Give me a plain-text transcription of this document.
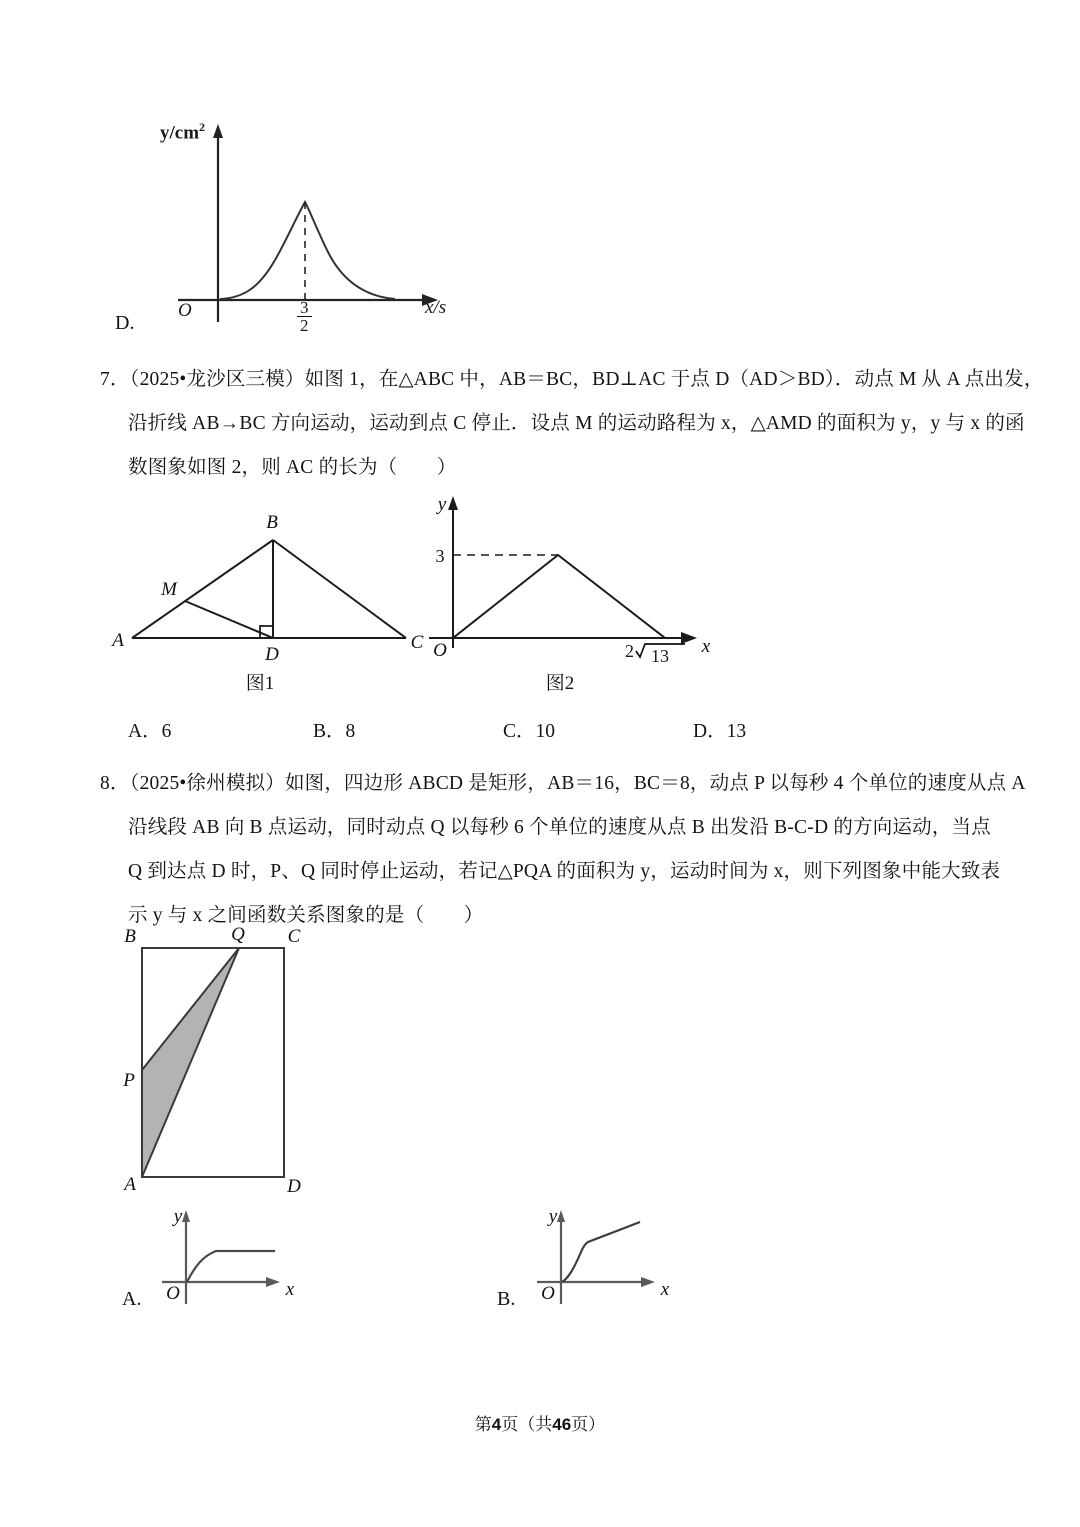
$y/cm^2$
x/s
O	$\frac{3}{2}$
D.
7．（2025•龙沙区三模）如图 1，在△ABC 中，AB＝BC，BD⊥AC 于点 D（AD＞BD）．动点 M 从 A 点出发，
沿折线 AB→BC 方向运动，运动到点 C 停止．设点 M 的运动路程为 x，△AMD 的面积为 y，y 与 x 的函
数图象如图 2，则 AC 的长为（　　）
A
B
C
D
M
图1
y
x
O
3
2 13
图2
A．6	B．8	C．10	D．13
8．（2025•徐州模拟）如图，四边形 ABCD 是矩形，AB＝16，BC＝8，动点 P 以每秒 4 个单位的速度从点 A
沿线段 AB 向 B 点运动，同时动点 Q 以每秒 6 个单位的速度从点 B 出发沿 B‑C‑D 的方向运动，当点
Q 到达点 D 时，P、Q 同时停止运动，若记△PQA 的面积为 y，运动时间为 x，则下列图象中能大致表
示 y 与 x 之间函数关系图象的是（　　）
B	C
A	D
P
Q
y
x
O
A.
y
x
O
B.
第4页（共46页）
